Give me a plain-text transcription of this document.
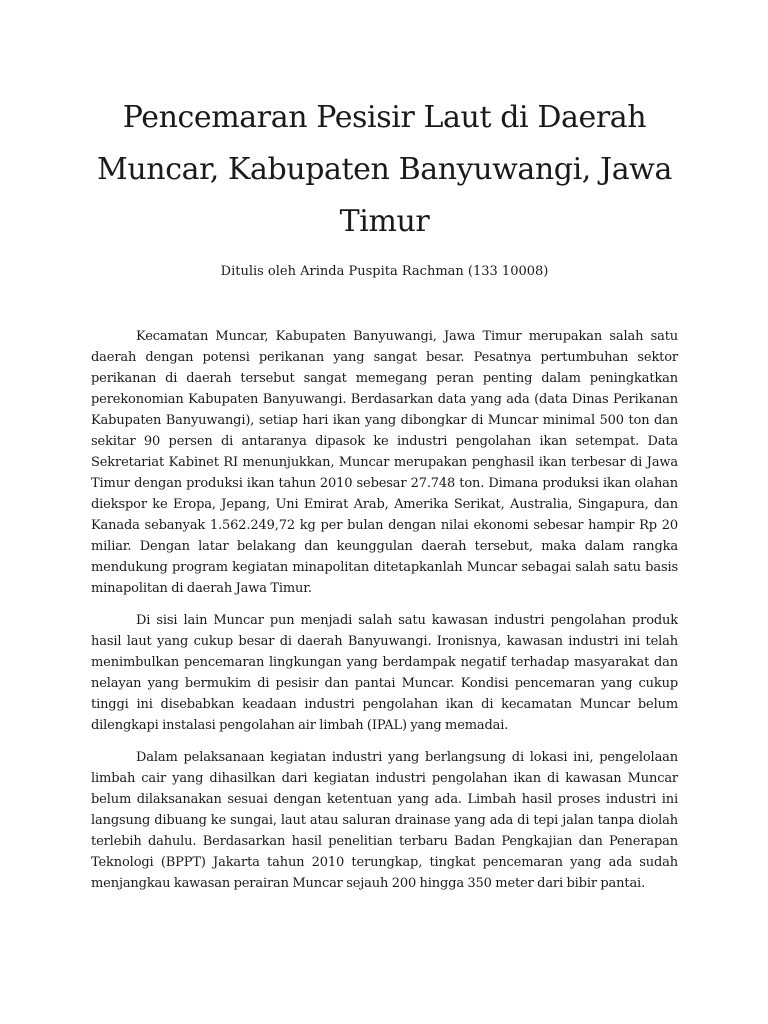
Pencemaran Pesisir Laut di Daerah Muncar, Kabupaten Banyuwangi, Jawa Timur
Ditulis oleh Arinda Puspita Rachman (133 10008)

Kecamatan Muncar, Kabupaten Banyuwangi, Jawa Timur merupakan salah satu daerah dengan potensi perikanan yang sangat besar. Pesatnya pertumbuhan sektor perikanan di daerah tersebut sangat memegang peran penting dalam peningkatkan perekonomian Kabupaten Banyuwangi. Berdasarkan data yang ada (data Dinas Perikanan Kabupaten Banyuwangi), setiap hari ikan yang dibongkar di Muncar minimal 500 ton dan sekitar 90 persen di antaranya dipasok ke industri pengolahan ikan setempat. Data Sekretariat Kabinet RI menunjukkan, Muncar merupakan penghasil ikan terbesar di Jawa Timur dengan produksi ikan tahun 2010 sebesar 27.748 ton. Dimana produksi ikan olahan diekspor ke Eropa, Jepang, Uni Emirat Arab, Amerika Serikat, Australia, Singapura, dan Kanada sebanyak 1.562.249,72 kg per bulan dengan nilai ekonomi sebesar hampir Rp 20 miliar. Dengan latar belakang dan keunggulan daerah tersebut, maka dalam rangka mendukung program kegiatan minapolitan ditetapkanlah Muncar sebagai salah satu basis minapolitan di daerah Jawa Timur.

Di sisi lain Muncar pun menjadi salah satu kawasan industri pengolahan produk hasil laut yang cukup besar di daerah Banyuwangi. Ironisnya, kawasan industri ini telah menimbulkan pencemaran lingkungan yang berdampak negatif terhadap masyarakat dan nelayan yang bermukim di pesisir dan pantai Muncar. Kondisi pencemaran yang cukup tinggi ini disebabkan keadaan industri pengolahan ikan di kecamatan Muncar belum dilengkapi instalasi pengolahan air limbah (IPAL) yang memadai.

Dalam pelaksanaan kegiatan industri yang berlangsung di lokasi ini, pengelolaan limbah cair yang dihasilkan dari kegiatan industri pengolahan ikan di kawasan Muncar belum dilaksanakan sesuai dengan ketentuan yang ada. Limbah hasil proses industri ini langsung dibuang ke sungai, laut atau saluran drainase yang ada di tepi jalan tanpa diolah terlebih dahulu. Berdasarkan hasil penelitian terbaru Badan Pengkajian dan Penerapan Teknologi (BPPT) Jakarta tahun 2010 terungkap, tingkat pencemaran yang ada sudah menjangkau kawasan perairan Muncar sejauh 200 hingga 350 meter dari bibir pantai.
